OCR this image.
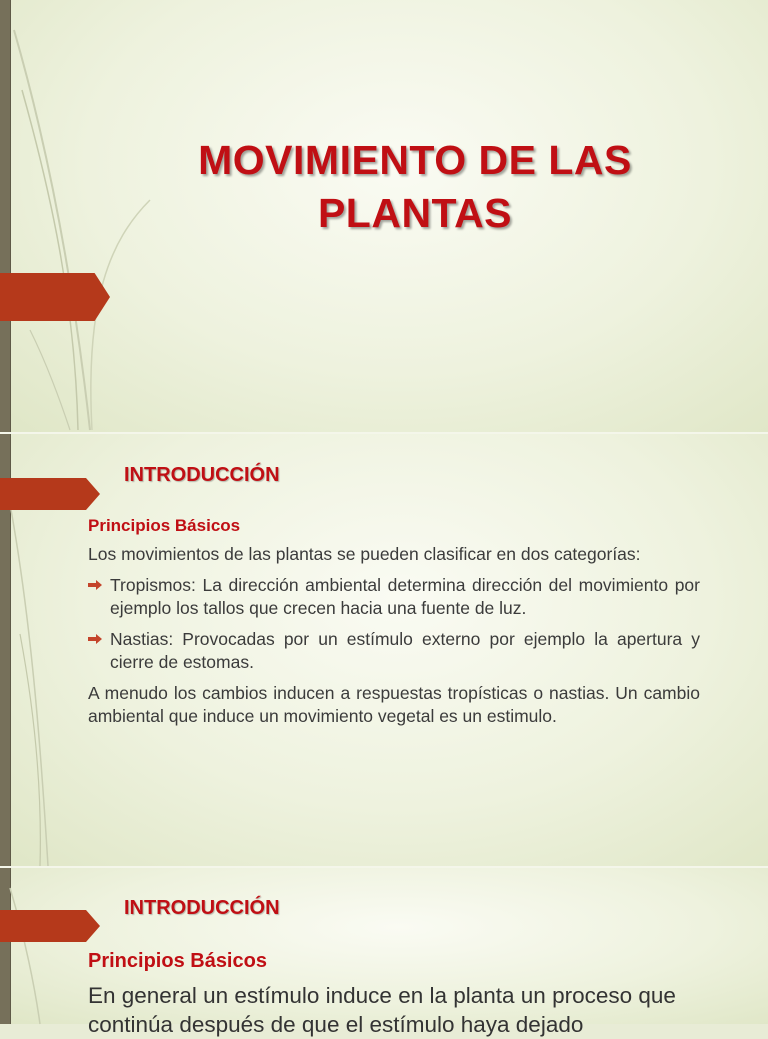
MOVIMIENTO DE LAS PLANTAS
INTRODUCCIÓN

Principios Básicos

Los movimientos de las plantas se pueden clasificar en dos categorías:

Tropismos: La dirección ambiental determina dirección del movimiento por ejemplo los tallos que crecen hacia una fuente de luz.
Nastias: Provocadas por un estímulo externo por ejemplo la apertura y cierre de estomas.

A menudo los cambios inducen a respuestas tropísticas o nastias. Un cambio ambiental que induce un movimiento vegetal es un estimulo.

INTRODUCCIÓN

Principios Básicos

En general un estímulo induce en la planta un proceso que continúa después de que el estímulo haya dejado
